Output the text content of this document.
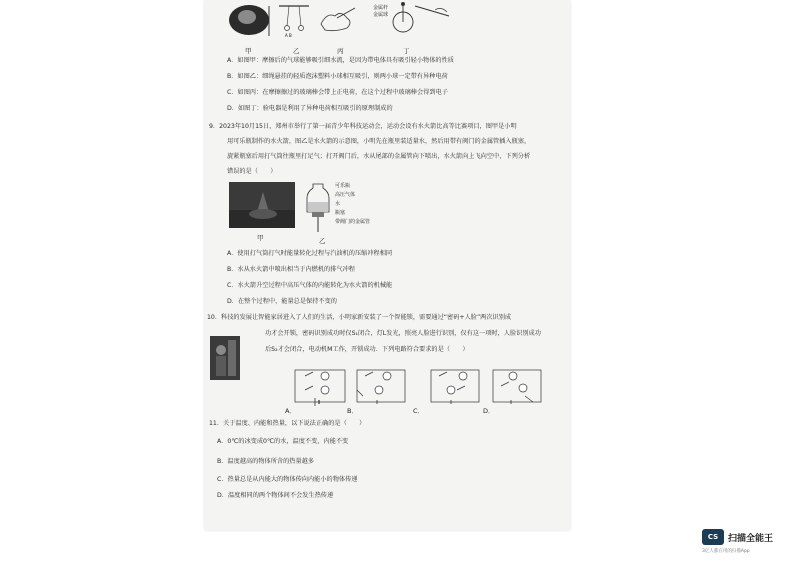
A B
金属杆
金属球
甲	乙	丙	丁
A．如图甲：摩擦后的气球能够吸引细水流，是因为带电体具有吸引轻小物体的性质
B．如图乙：细绳悬挂的轻质泡沫塑料小球相互吸引，则两小球一定带有异种电荷
C．如图丙：在摩擦擦过的玻璃棒会带上正电荷，在这个过程中玻璃棒会得到电子
D．如图丁：验电器是利用了异种电荷相互吸引的原理制成的
9．2023年10月15日，郑州市举行了第一届青少年科技运动会，运动会设有水火箭比高等比赛项目，图甲是小明
用可乐瓶制作的水火箭，图乙是水火箭的示意图，小明先在瓶里装适量水，然后用带有阀门的金属管插入瓶塞，
旋紧瓶塞后用打气筒往瓶里打足气；打开阀门后，水从尾部的金属管向下喷出，水火箭向上飞向空中，下列分析
错误的是（　　）
甲
可乐瓶
高压气体
水
瓶塞
带阀门的金属管
乙
A．使用打气筒打气时能量转化过程与汽油机的压缩冲程相同
B．水从水火箭中喷出相当于内燃机的排气冲程
C．水火箭升空过程中高压气体的内能转化为水火箭的机械能
D．在整个过程中，能量总是保持不变的
10．科技的发展让智能家居进入了人们的生活，小明家新安装了一个智能锁，需要通过“密码+人脸”两次识别成
功才会开锁，密码识别成功时仅S₁闭合，灯L发光，照亮人脸进行识别，仅有这一项时，人脸识别成功
后S₂才会闭合，电动机M工作，开锁成功．下列电路符合要求的是（　　）
A．	B．	C．	D．
11．关于温度、内能和热量，以下说法正确的是（　　）
A．0℃的冰变成0℃的水，温度不变，内能不变
B．温度越高的物体所含的热量越多
C．热量总是从内能大的物体传向内能小的物体传递
D．温度相同的两个物体间不会发生热传递
CS	扫描全能王
3亿人都在用的扫描App
